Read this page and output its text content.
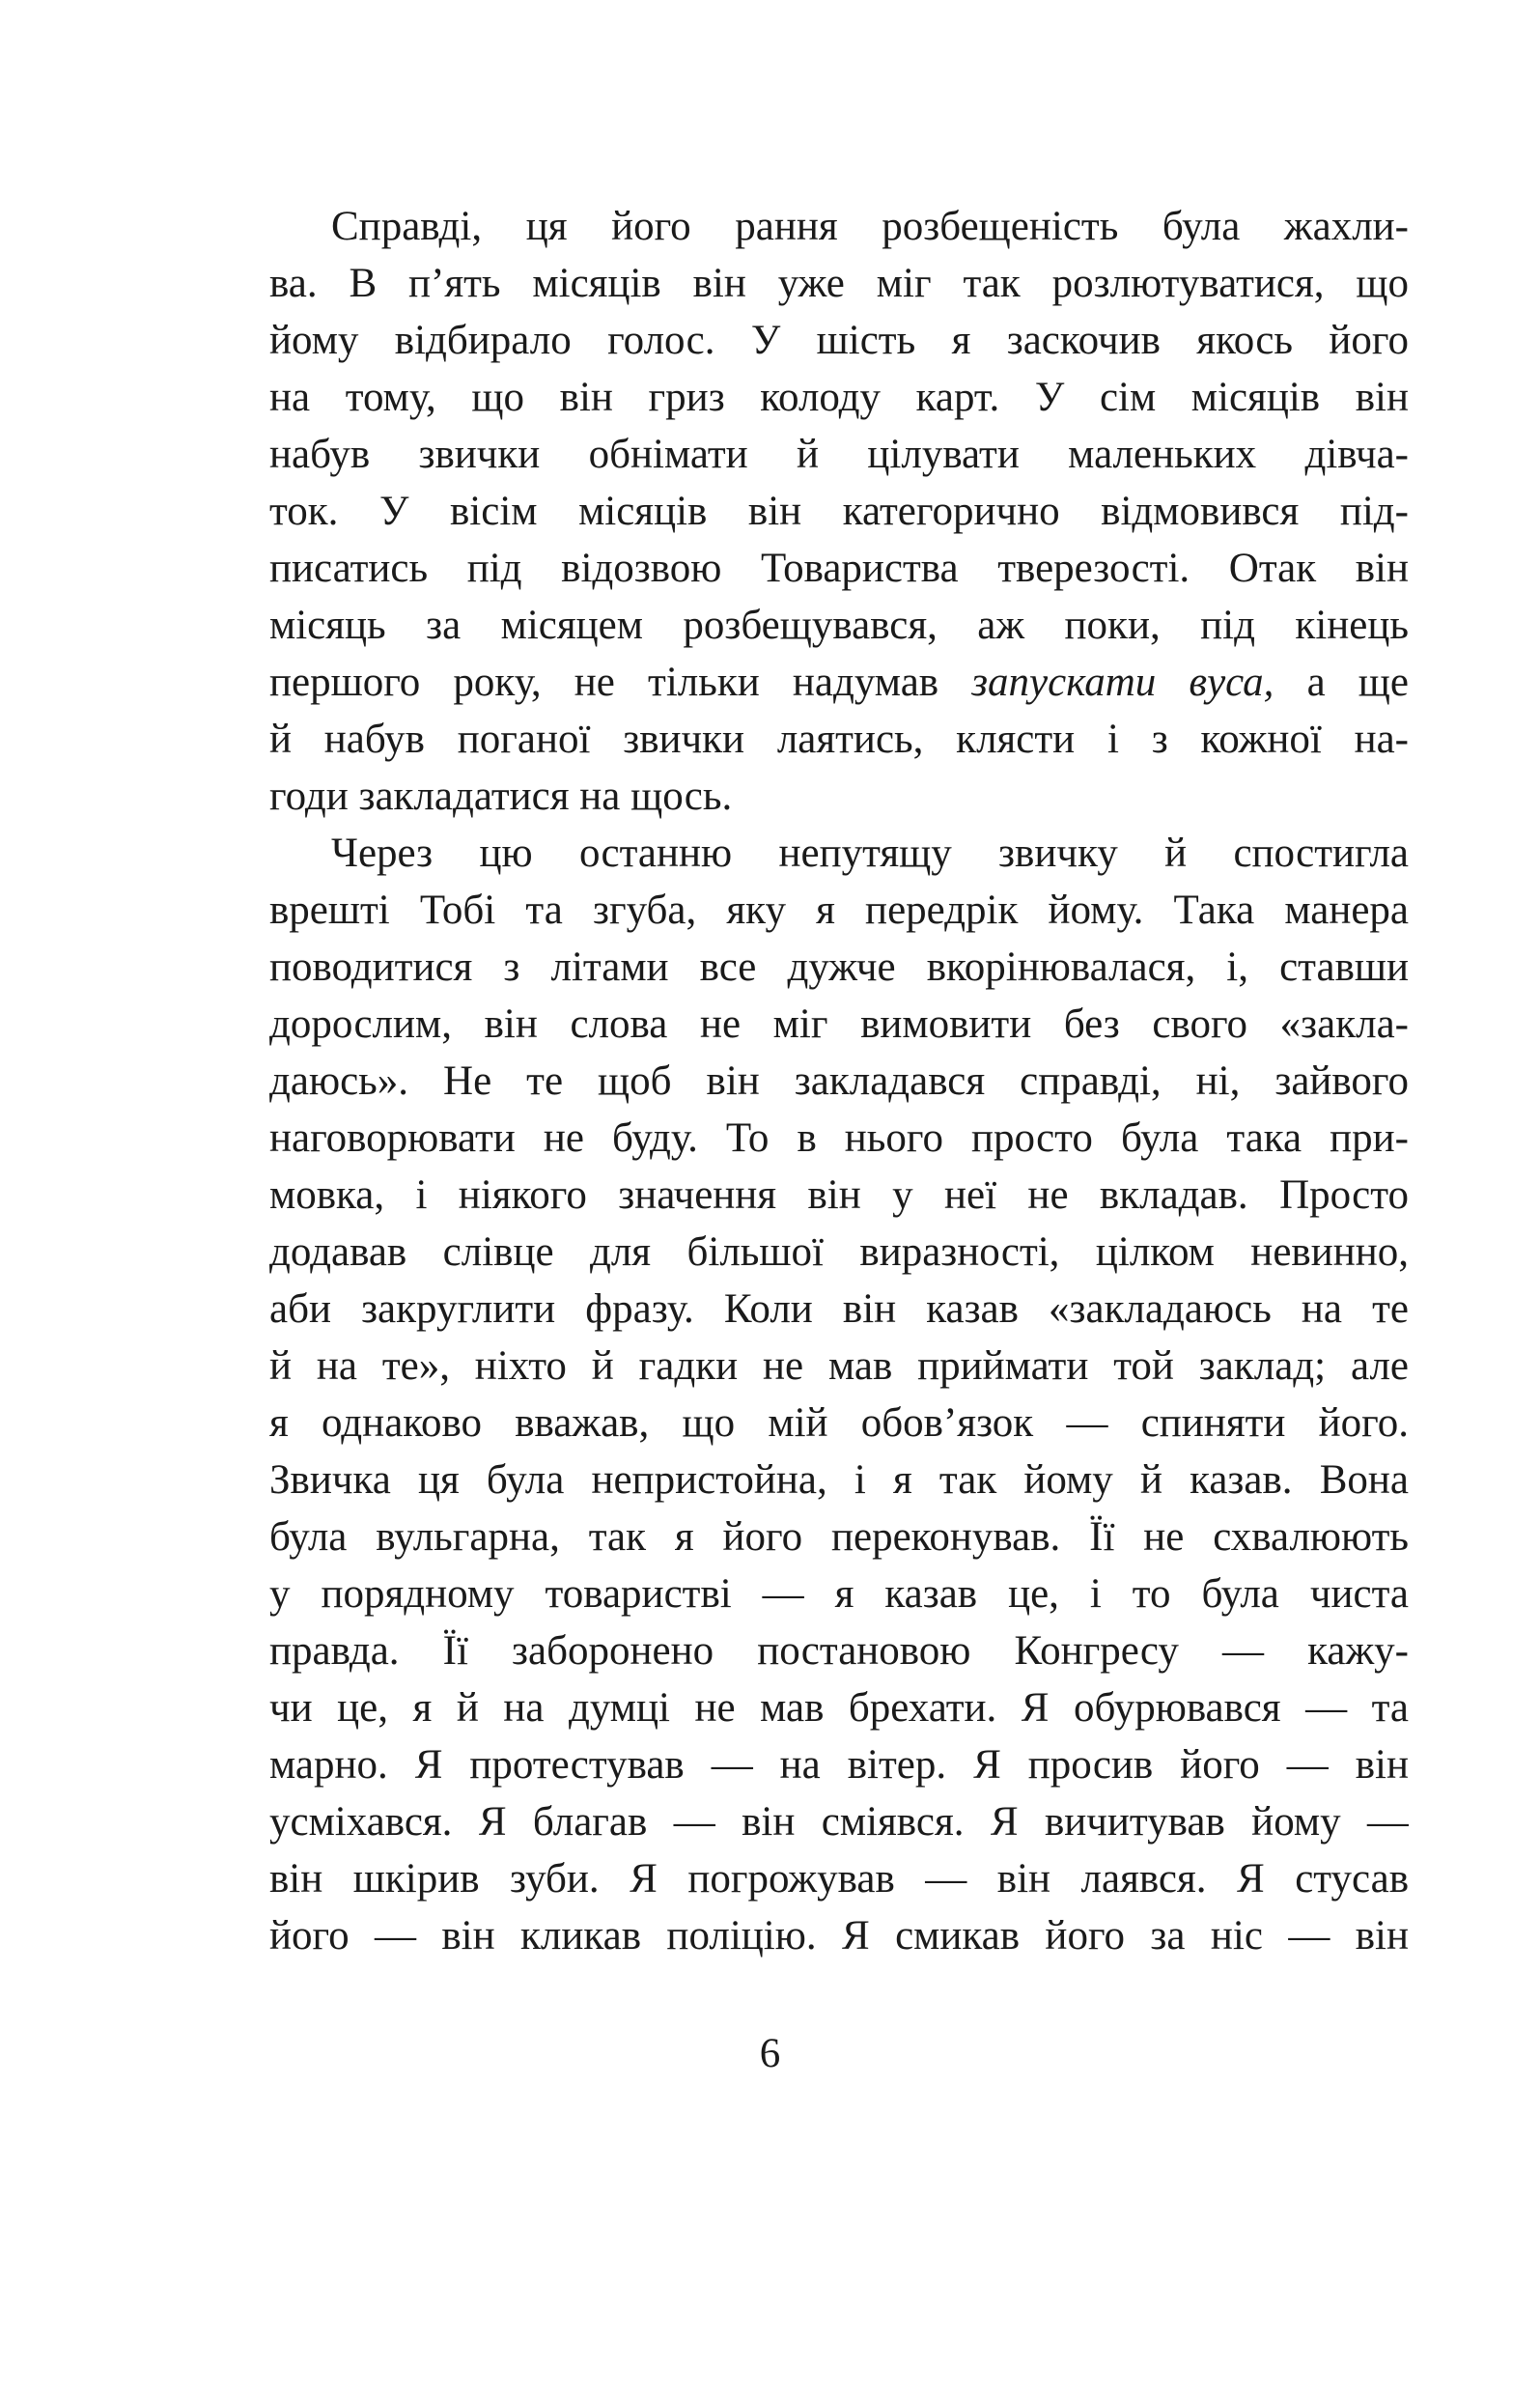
Справді, ця його рання розбещеність була жахли-
ва. В п’ять місяців він уже міг так розлютуватися, що
йому відбирало голос. У шість я заскочив якось його
на тому, що він гриз колоду карт. У сім місяців він
набув звички обнімати й цілувати маленьких дівча-
ток. У вісім місяців він категорично відмовився під-
писатись під відозвою Товариства тверезості. Отак він
місяць за місяцем розбещувався, аж поки, під кінець
першого року, не тільки надумав запускати вуса, а ще
й набув поганої звички лаятись, клясти і з кожної на-
годи закладатися на щось.
Через цю останню непутящу звичку й спостигла
врешті Тобі та згуба, яку я передрік йому. Така манера
поводитися з літами все дужче вкорінювалася, і, ставши
дорослим, він слова не міг вимовити без свого «закла-
даюсь». Не те щоб він закладався справді, ні, зайвого
наговорювати не буду. То в нього просто була така при-
мовка, і ніякого значення він у неї не вкладав. Просто
додавав слівце для більшої виразності, цілком невинно,
аби закруглити фразу. Коли він казав «закладаюсь на те
й на те», ніхто й гадки не мав приймати той заклад; але
я однаково вважав, що мій обов’язок — спиняти його.
Звичка ця була непристойна, і я так йому й казав. Вона
була вульгарна, так я його переконував. Її не схвалюють
у порядному товаристві — я казав це, і то була чиста
правда. Її заборонено постановою Конгресу — кажу-
чи це, я й на думці не мав брехати. Я обурювався — та
марно. Я протестував — на вітер. Я просив його — він
усміхався. Я благав — він сміявся. Я вичитував йому —
він шкірив зуби. Я погрожував — він лаявся. Я стусав
його — він кликав поліцію. Я смикав його за ніс — він
6
